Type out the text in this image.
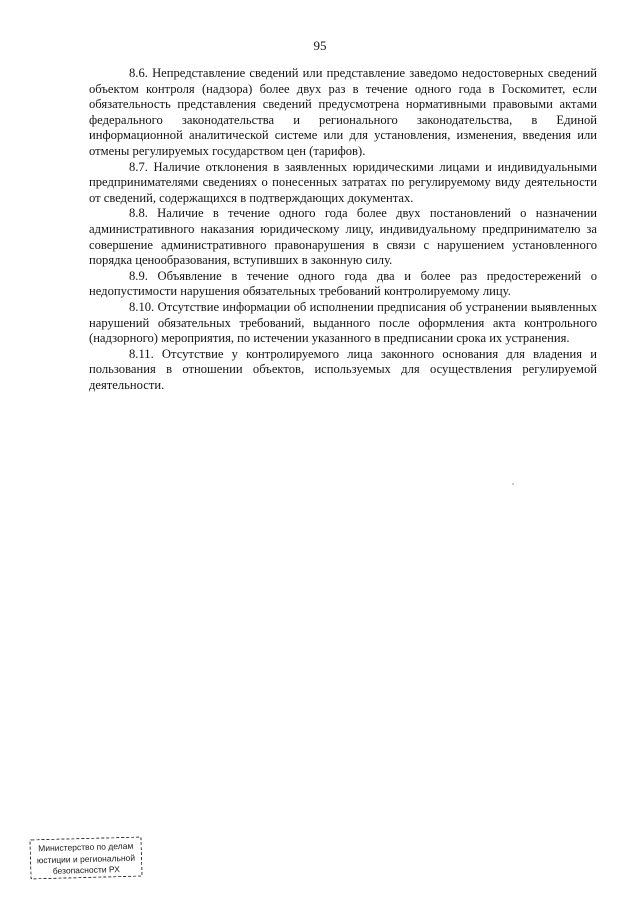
95

8.6. Непредставление сведений или представление заведомо недостоверных сведений объектом контроля (надзора) более двух раз в течение одного года в Госкомитет, если обязательность представления сведений предусмотрена нормативными правовыми актами федерального законодательства и регионального законодательства, в Единой информационной аналитической системе или для установления, изменения, введения или отмены регулируемых государством цен (тарифов).

8.7. Наличие отклонения в заявленных юридическими лицами и индивидуальными предпринимателями сведениях о понесенных затратах по регулируемому виду деятельности от сведений, содержащихся в подтверждающих документах.

8.8. Наличие в течение одного года более двух постановлений о назначении административного наказания юридическому лицу, индивидуальному предпринимателю за совершение административного правонарушения в связи с нарушением установленного порядка ценообразования, вступивших в законную силу.

8.9. Объявление в течение одного года два и более раз предостережений о недопустимости нарушения обязательных требований контролируемому лицу.

8.10. Отсутствие информации об исполнении предписания об устранении выявленных нарушений обязательных требований, выданного после оформления акта контрольного (надзорного) мероприятия, по истечении указанного в предписании срока их устранения.

8.11. Отсутствие у контролируемого лица законного основания для владения и пользования в отношении объектов, используемых для осуществления регулируемой деятельности.

Министерство по делам
юстиции и региональной
безопасности РХ
